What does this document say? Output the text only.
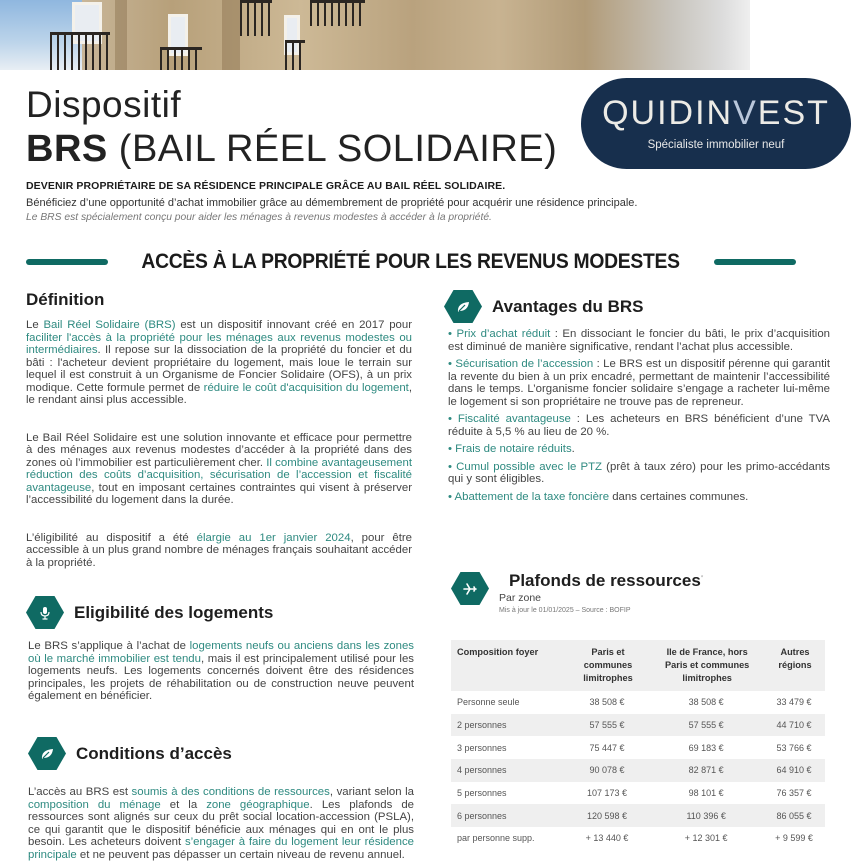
Dispositif
BRS (BAIL RÉEL SOLIDAIRE)
DEVENIR PROPRIÉTAIRE DE SA RÉSIDENCE PRINCIPALE GRÂCE AU BAIL RÉEL SOLIDAIRE.
Bénéficiez d’une opportunité d’achat immobilier grâce au démembrement de propriété pour acquérir une résidence principale.
Le BRS est spécialement conçu pour aider les ménages à revenus modestes à accéder à la propriété.
QUIDINVEST
Spécialiste immobilier neuf
ACCÈS À LA PROPRIÉTÉ POUR LES REVENUS MODESTES
Définition

Le Bail Réel Solidaire (BRS) est un dispositif innovant créé en 2017 pour faciliter l'accès à la propriété pour les ménages aux revenus modestes ou intermédiaires. Il repose sur la dissociation de la propriété du foncier et du bâti : l'acheteur devient propriétaire du logement, mais loue le terrain sur lequel il est construit à un Organisme de Foncier Solidaire (OFS), à un prix modique. Cette formule permet de réduire le coût d'acquisition du logement, le rendant ainsi plus accessible.

Le Bail Réel Solidaire est une solution innovante et efficace pour permettre à des ménages aux revenus modestes d’accéder à la propriété dans des zones où l’immobilier est particulièrement cher. Il combine avantageusement réduction des coûts d’acquisition, sécurisation de l’accession et fiscalité avantageuse, tout en imposant certaines contraintes qui visent à préserver l’accessibilité du logement dans la durée.

L’éligibilité au dispositif a été élargie au 1er janvier 2024, pour être accessible à un plus grand nombre de ménages français souhaitant accéder à la propriété.

Eligibilité des logements

Le BRS s’applique à l’achat de logements neufs ou anciens dans les zones où le marché immobilier est tendu, mais il est principalement utilisé pour les logements neufs. Les logements concernés doivent être des résidences principales, les projets de réhabilitation ou de construction neuve peuvent également en bénéficier.

Conditions d’accès

L’accès au BRS est soumis à des conditions de ressources, variant selon la composition du ménage et la zone géographique. Les plafonds de ressources sont alignés sur ceux du prêt social location-accession (PSLA), ce qui garantit que le dispositif bénéficie aux ménages qui en ont le plus besoin. Les acheteurs doivent s’engager à faire du logement leur résidence principale et ne peuvent pas dépasser un certain niveau de revenu annuel.

Avantages du BRS
• Prix d’achat réduit : En dissociant le foncier du bâti, le prix d’acquisition est diminué de manière significative, rendant l’achat plus accessible.
• Sécurisation de l’accession : Le BRS est un dispositif pérenne qui garantit la revente du bien à un prix encadré, permettant de maintenir l’accessibilité dans le temps. L’organisme foncier solidaire s’engage a racheter lui-même le logement si son propriétaire ne trouve pas de repreneur.
• Fiscalité avantageuse : Les acheteurs en BRS bénéficient d’une TVA réduite à 5,5 % au lieu de 20 %.
• Frais de notaire réduits.
• Cumul possible avec le PTZ (prêt à taux zéro) pour les primo-accédants qui y sont éligibles.
• Abattement de la taxe foncière dans certaines communes.
Plafonds de ressources*
Par zone
Mis à jour le 01/01/2025 – Source : BOFIP
Composition foyer	Paris et communes limitrophes	Ile de France, hors Paris et communes limitrophes	Autres régions
Personne seule	38 508 €	38 508 €	33 479 €
2 personnes	57 555 €	57 555 €	44 710 €
3 personnes	75 447 €	69 183 €	53 766 €
4 personnes	90 078 €	82 871 €	64 910 €
5 personnes	107 173 €	98 101 €	76 357 €
6 personnes	120 598 €	110 396 €	86 055 €
par personne supp.	+ 13 440 €	+ 12 301 €	+ 9 599 €
